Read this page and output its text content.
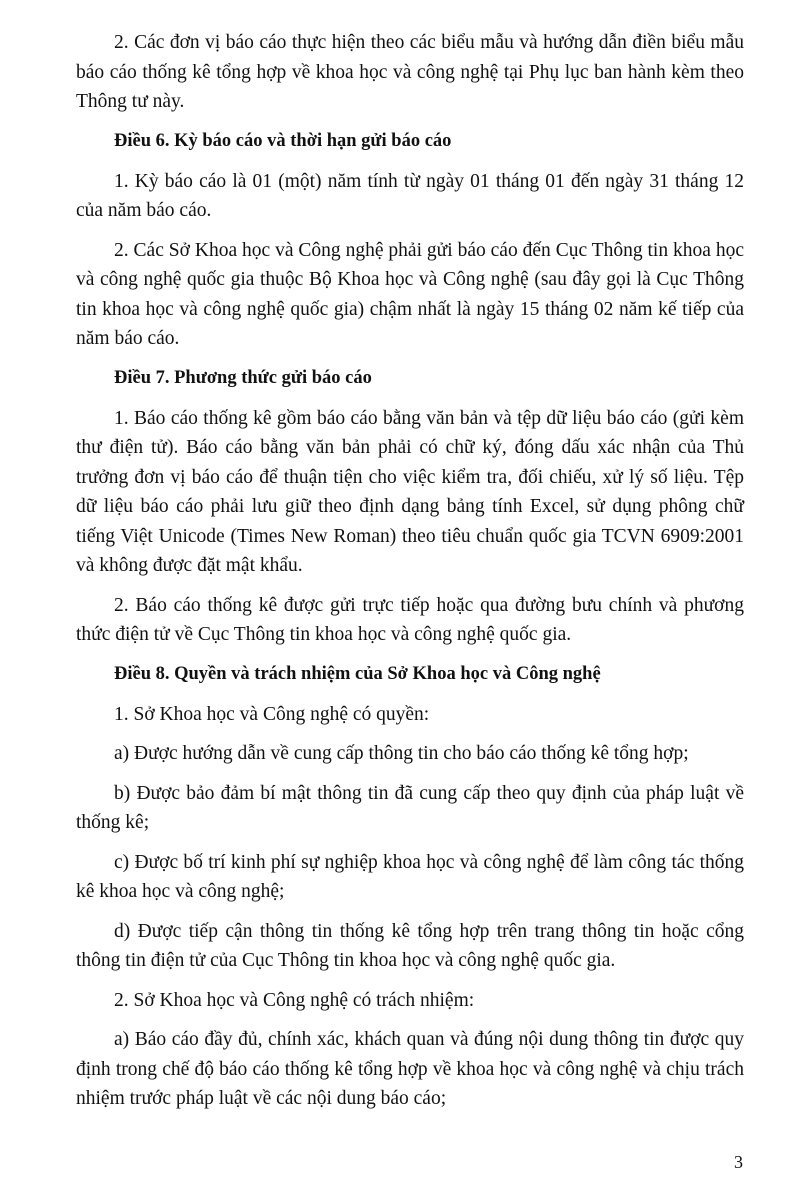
2. Các đơn vị báo cáo thực hiện theo các biểu mẫu và hướng dẫn điền biểu mẫu báo cáo thống kê tổng hợp về khoa học và công nghệ tại Phụ lục ban hành kèm theo Thông tư này.

Điều 6. Kỳ báo cáo và thời hạn gửi báo cáo

1. Kỳ báo cáo là 01 (một) năm tính từ ngày 01 tháng 01 đến ngày 31 tháng 12 của năm báo cáo.

2. Các Sở Khoa học và Công nghệ phải gửi báo cáo đến Cục Thông tin khoa học và công nghệ quốc gia thuộc Bộ Khoa học và Công nghệ (sau đây gọi là Cục Thông tin khoa học và công nghệ quốc gia) chậm nhất là ngày 15 tháng 02 năm kế tiếp của năm báo cáo.

Điều 7. Phương thức gửi báo cáo

1. Báo cáo thống kê gồm báo cáo bằng văn bản và tệp dữ liệu báo cáo (gửi kèm thư điện tử). Báo cáo bằng văn bản phải có chữ ký, đóng dấu xác nhận của Thủ trưởng đơn vị báo cáo để thuận tiện cho việc kiểm tra, đối chiếu, xử lý số liệu. Tệp dữ liệu báo cáo phải lưu giữ theo định dạng bảng tính Excel, sử dụng phông chữ tiếng Việt Unicode (Times New Roman) theo tiêu chuẩn quốc gia TCVN 6909:2001 và không được đặt mật khẩu.

2. Báo cáo thống kê được gửi trực tiếp hoặc qua đường bưu chính và phương thức điện tử về Cục Thông tin khoa học và công nghệ quốc gia.

Điều 8. Quyền và trách nhiệm của Sở Khoa học và Công nghệ

1. Sở Khoa học và Công nghệ có quyền:

a) Được hướng dẫn về cung cấp thông tin cho báo cáo thống kê tổng hợp;

b) Được bảo đảm bí mật thông tin đã cung cấp theo quy định của pháp luật về thống kê;

c) Được bố trí kinh phí sự nghiệp khoa học và công nghệ để làm công tác thống kê khoa học và công nghệ;

d) Được tiếp cận thông tin thống kê tổng hợp trên trang thông tin hoặc cổng thông tin điện tử của Cục Thông tin khoa học và công nghệ quốc gia.

2. Sở Khoa học và Công nghệ có trách nhiệm:

a) Báo cáo đầy đủ, chính xác, khách quan và đúng nội dung thông tin được quy định trong chế độ báo cáo thống kê tổng hợp về khoa học và công nghệ và chịu trách nhiệm trước pháp luật về các nội dung báo cáo;

3
